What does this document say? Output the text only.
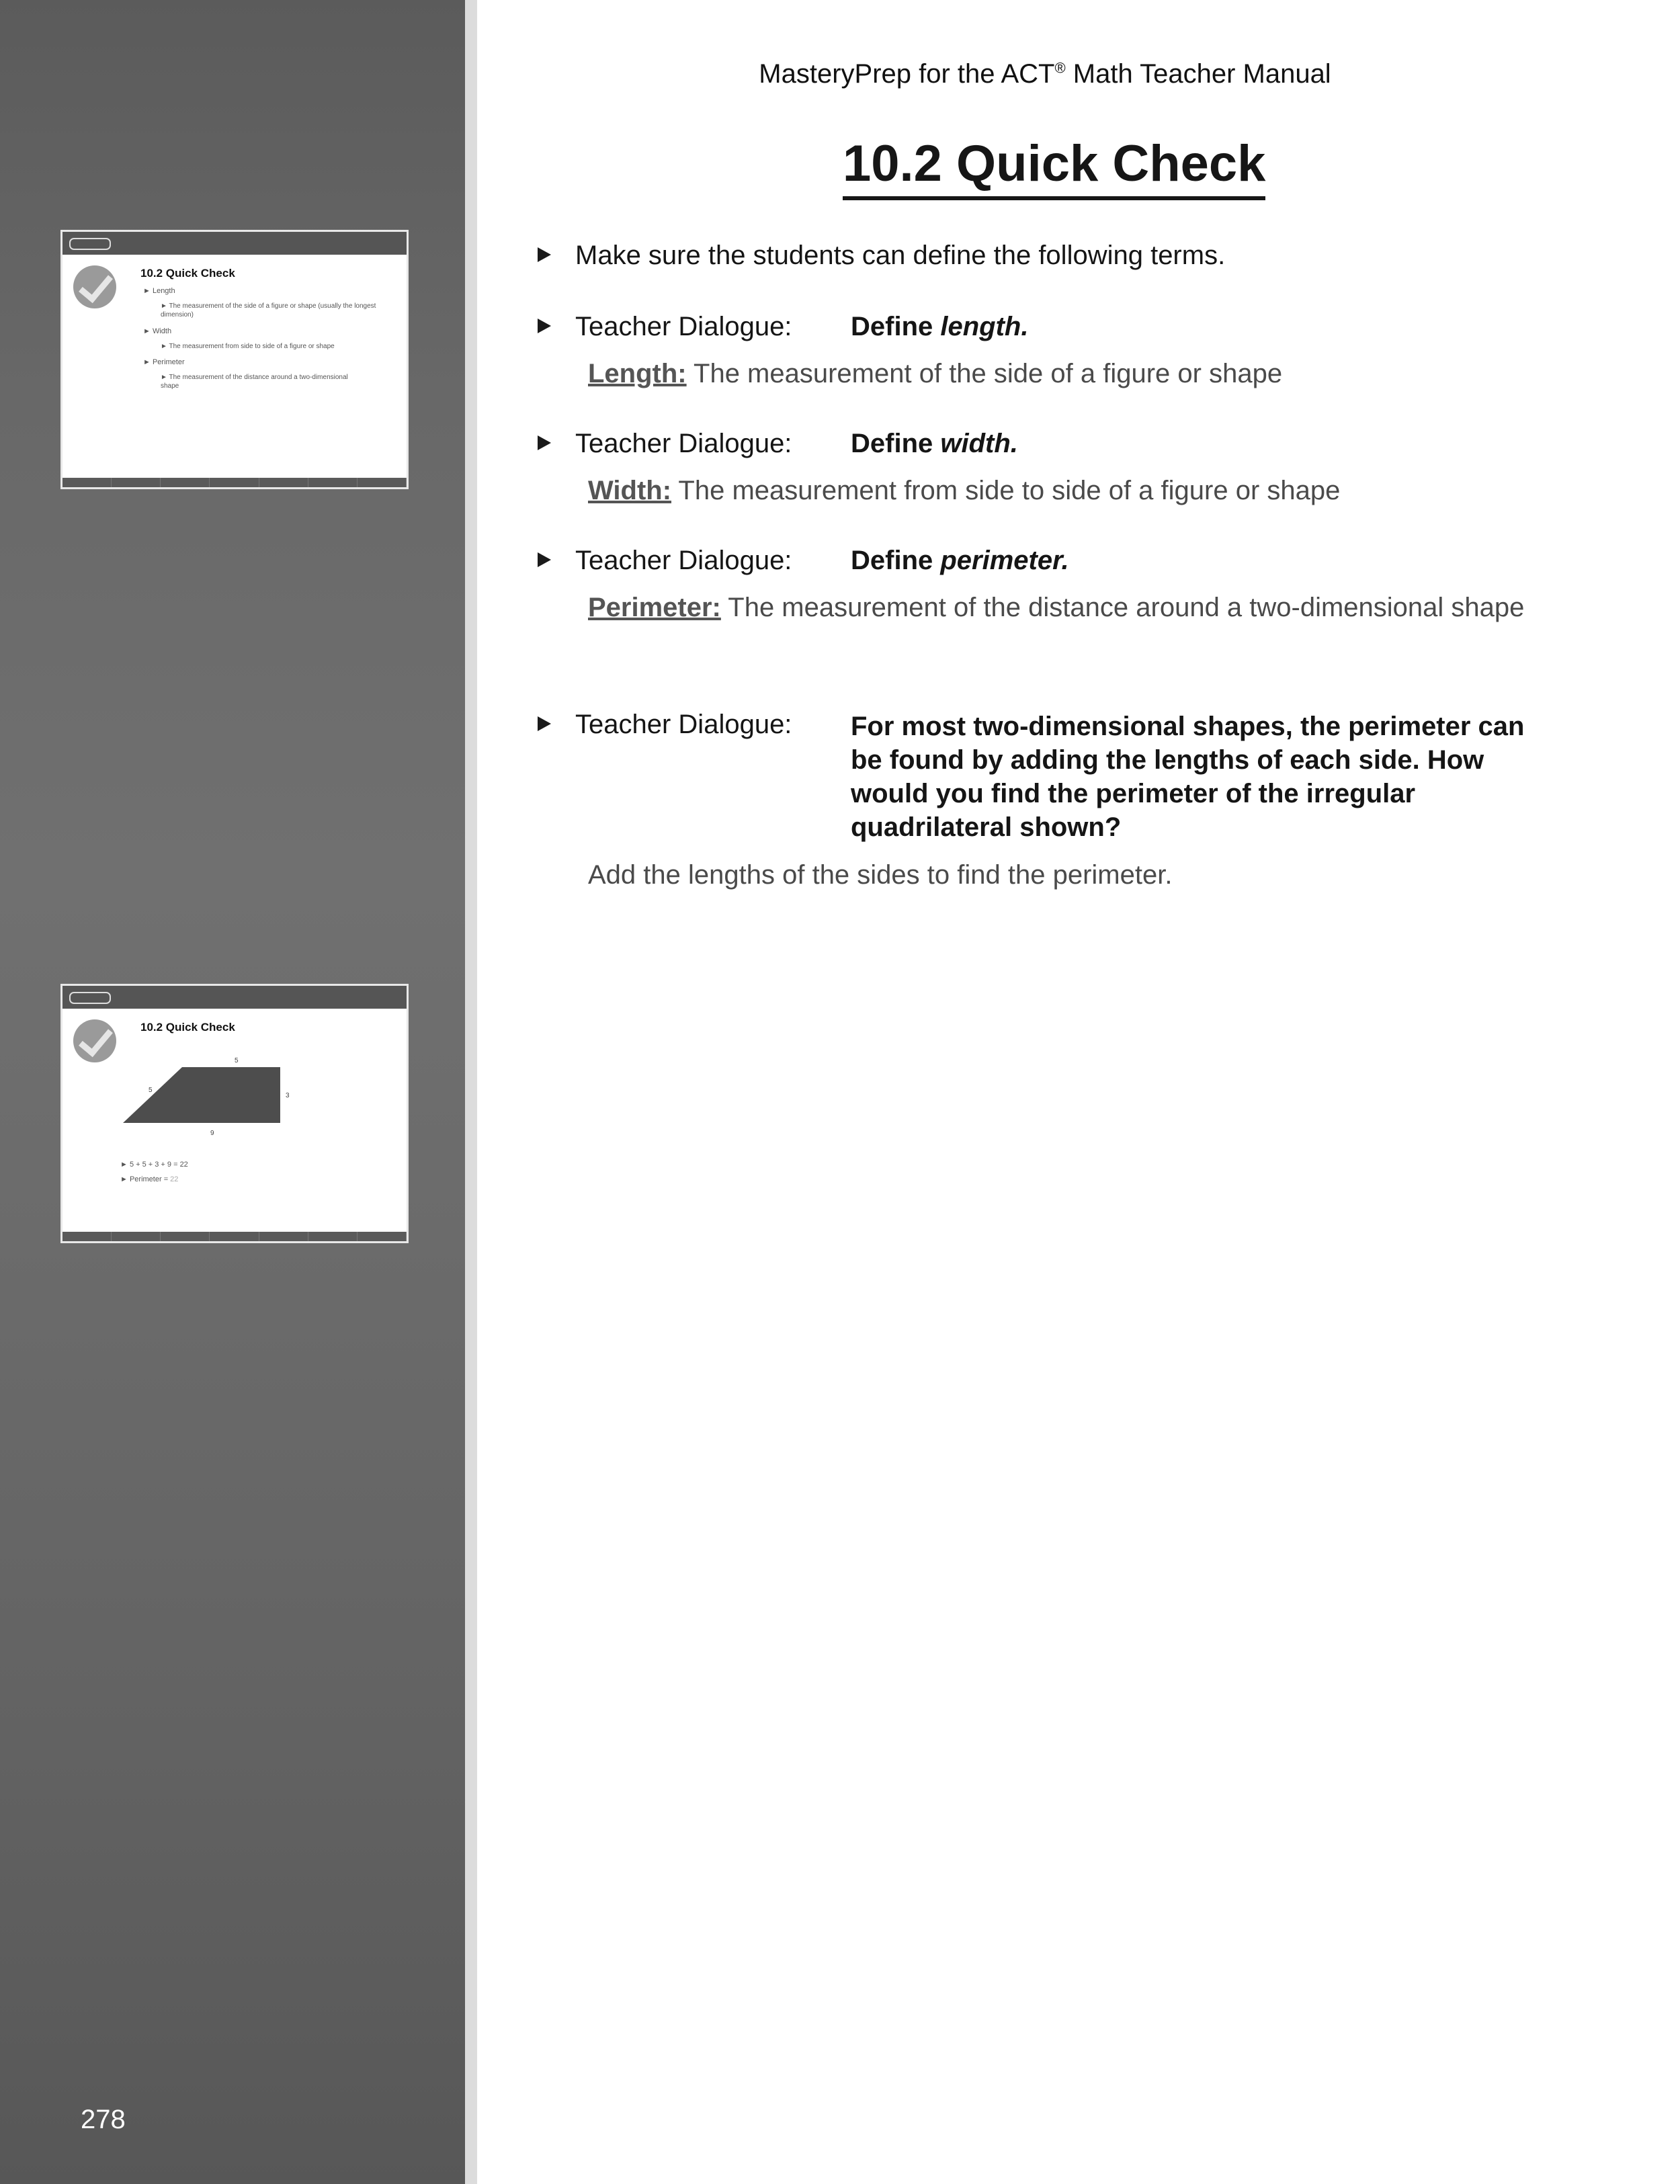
10.2 Quick Check
► Length
► The measurement of the side of a figure or shape (usually the longest dimension)
► Width
► The measurement from side to side of a figure or shape
► Perimeter
► The measurement of the distance around a two-dimensional shape
10.2 Quick Check
5
5
3
9
► 5 + 5 + 3 + 9 = 22
► Perimeter = 22
278
MasteryPrep for the ACT® Math Teacher Manual
10.2 Quick Check
Make sure the students can define the following terms.
Teacher Dialogue: Define length.
Length: The measurement of the side of a figure or shape
Teacher Dialogue: Define width.
Width: The measurement from side to side of a figure or shape
Teacher Dialogue: Define perimeter.
Perimeter: The measurement of the distance around a two-dimensional shape
Teacher Dialogue: For most two-dimensional shapes, the perimeter can be found by adding the lengths of each side. How would you find the perimeter of the irregular quadrilateral shown?
Add the lengths of the sides to find the perimeter.
